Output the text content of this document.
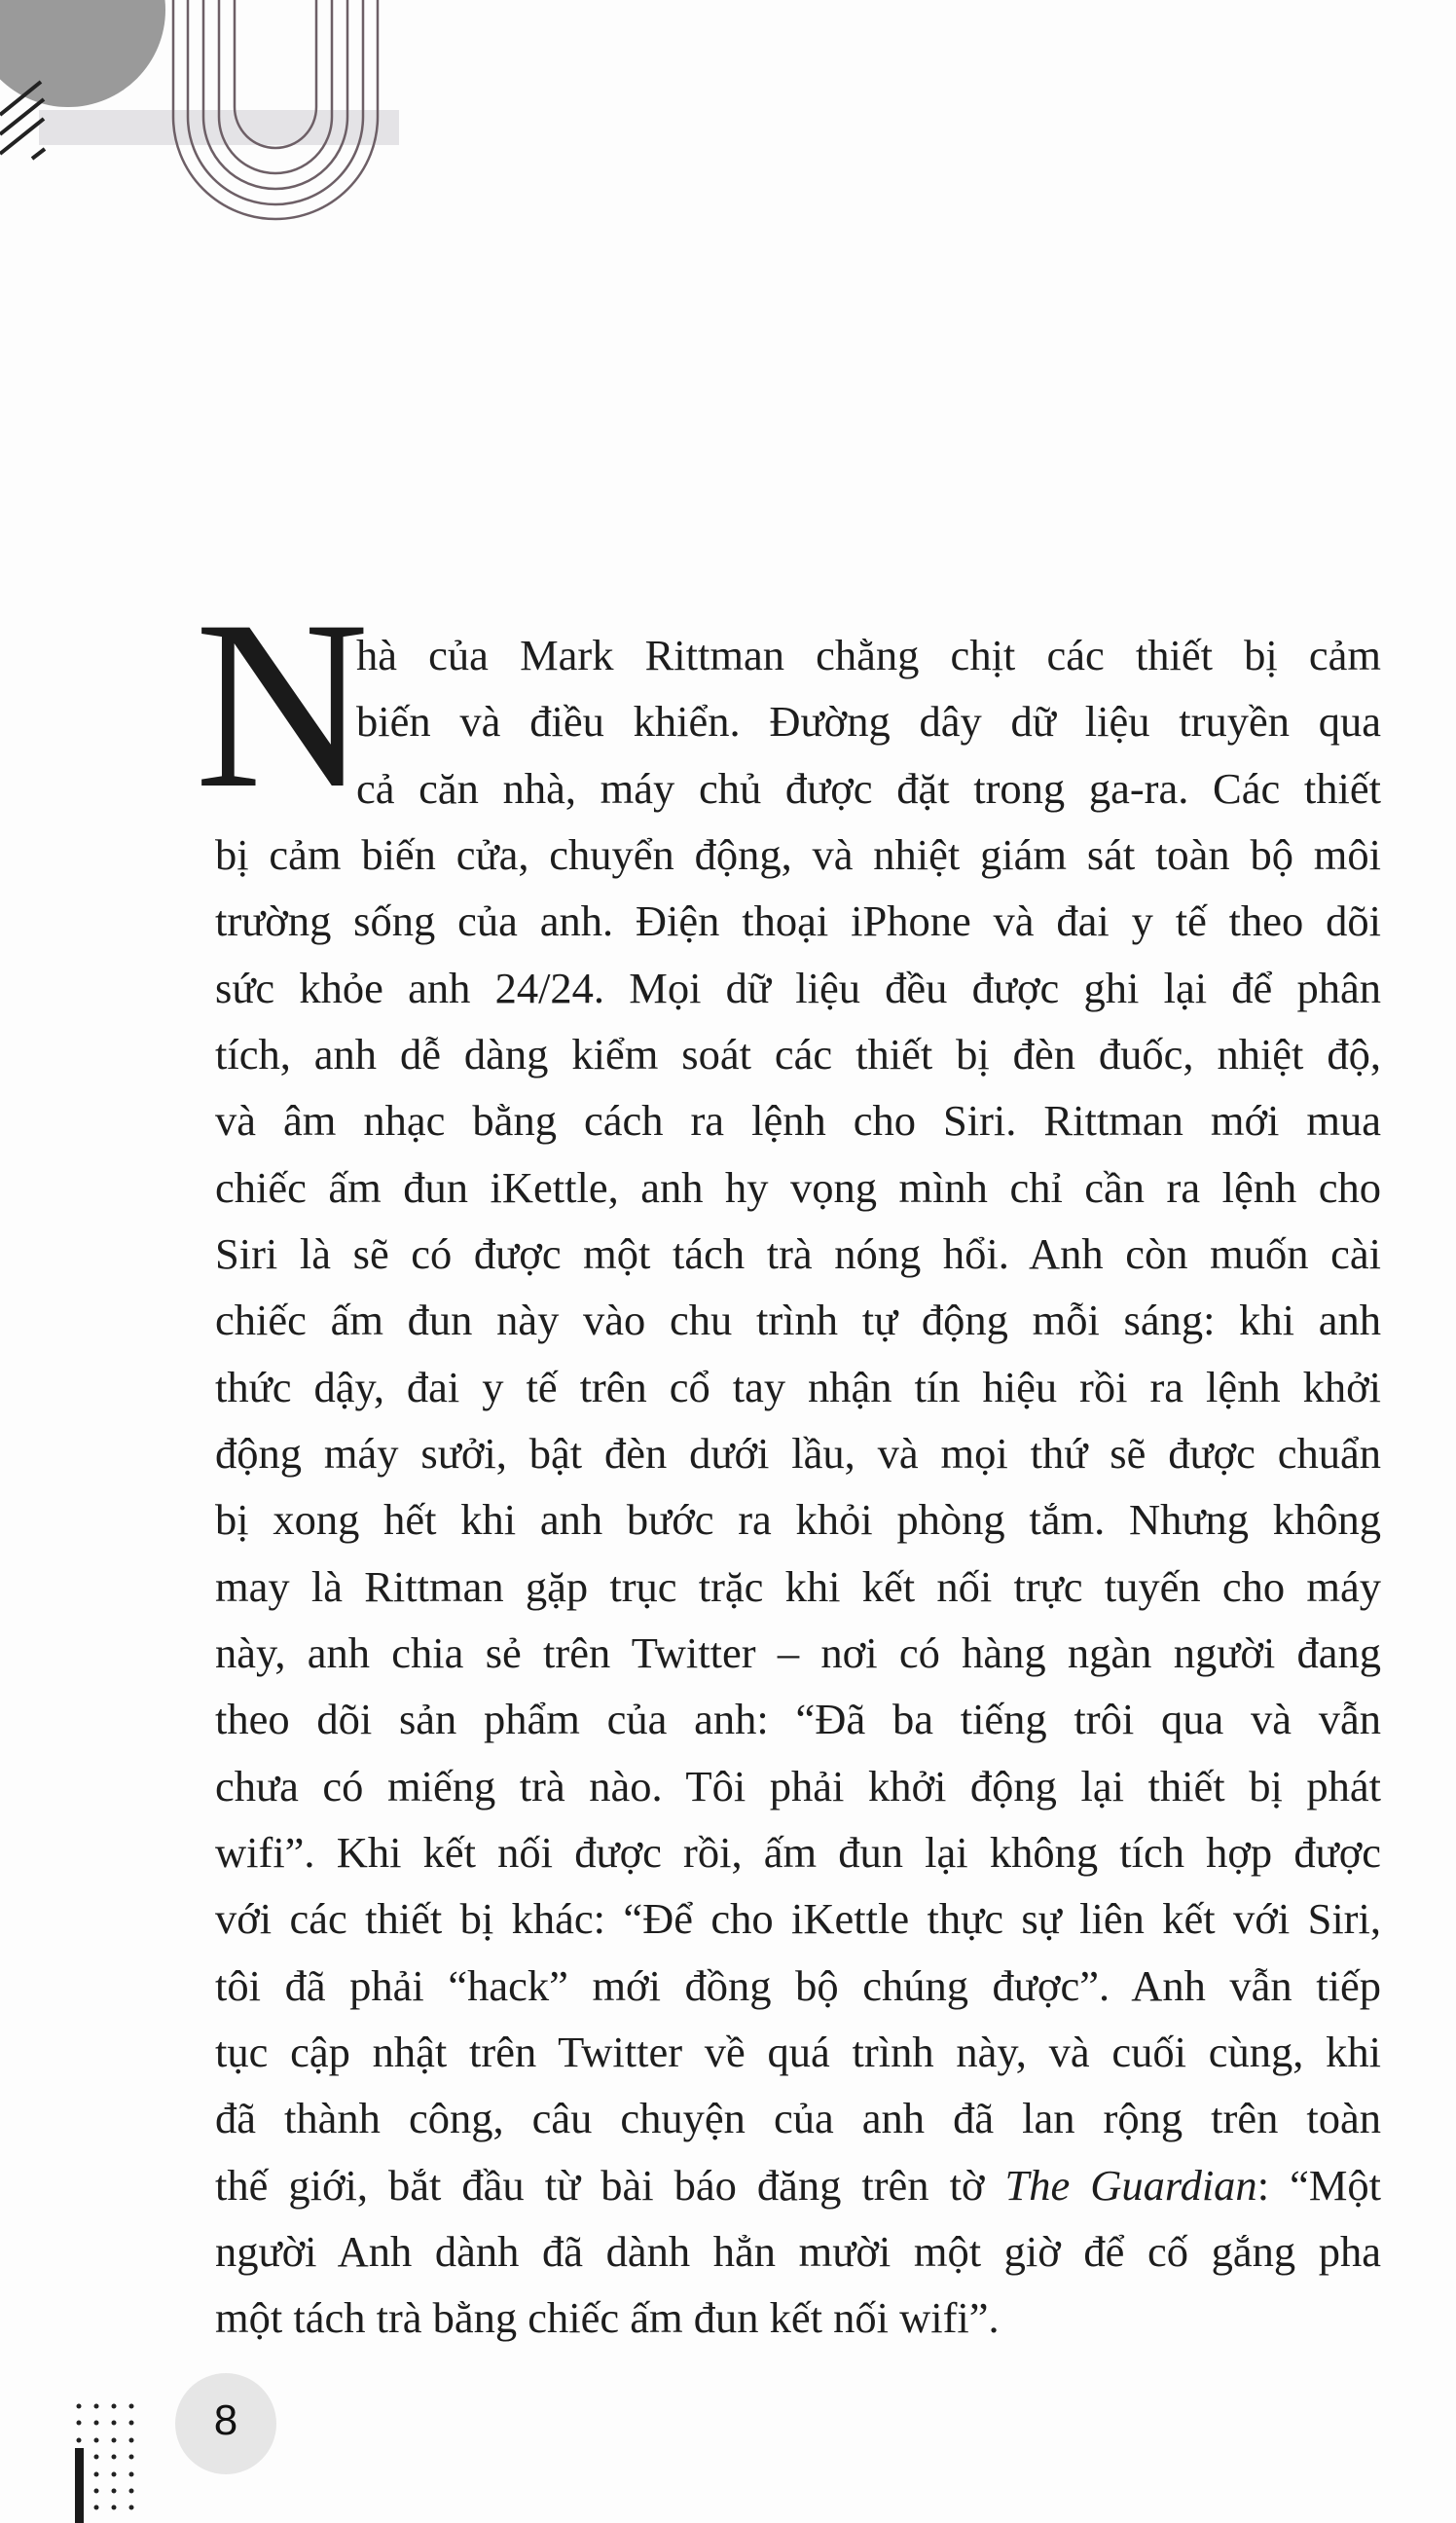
N
hà của Mark Rittman chằng chịt các thiết bị cảm
biến và điều khiển. Đường dây dữ liệu truyền qua
cả căn nhà, máy chủ được đặt trong ga-ra. Các thiết
bị cảm biến cửa, chuyển động, và nhiệt giám sát toàn bộ môi
trường sống của anh. Điện thoại iPhone và đai y tế theo dõi
sức khỏe anh 24/24. Mọi dữ liệu đều được ghi lại để phân
tích, anh dễ dàng kiểm soát các thiết bị đèn đuốc, nhiệt độ,
và âm nhạc bằng cách ra lệnh cho Siri. Rittman mới mua
chiếc ấm đun iKettle, anh hy vọng mình chỉ cần ra lệnh cho
Siri là sẽ có được một tách trà nóng hổi. Anh còn muốn cài
chiếc ấm đun này vào chu trình tự động mỗi sáng: khi anh
thức dậy, đai y tế trên cổ tay nhận tín hiệu rồi ra lệnh khởi
động máy sưởi, bật đèn dưới lầu, và mọi thứ sẽ được chuẩn
bị xong hết khi anh bước ra khỏi phòng tắm. Nhưng không
may là Rittman gặp trục trặc khi kết nối trực tuyến cho máy
này, anh chia sẻ trên Twitter – nơi có hàng ngàn người đang
theo dõi sản phẩm của anh: “Đã ba tiếng trôi qua và vẫn
chưa có miếng trà nào. Tôi phải khởi động lại thiết bị phát
wifi”. Khi kết nối được rồi, ấm đun lại không tích hợp được
với các thiết bị khác: “Để cho iKettle thực sự liên kết với Siri,
tôi đã phải “hack” mới đồng bộ chúng được”. Anh vẫn tiếp
tục cập nhật trên Twitter về quá trình này, và cuối cùng, khi
đã thành công, câu chuyện của anh đã lan rộng trên toàn
thế giới, bắt đầu từ bài báo đăng trên tờ The Guardian: “Một
người Anh dành đã dành hẳn mười một giờ để cố gắng pha
một tách trà bằng chiếc ấm đun kết nối wifi”.
8
